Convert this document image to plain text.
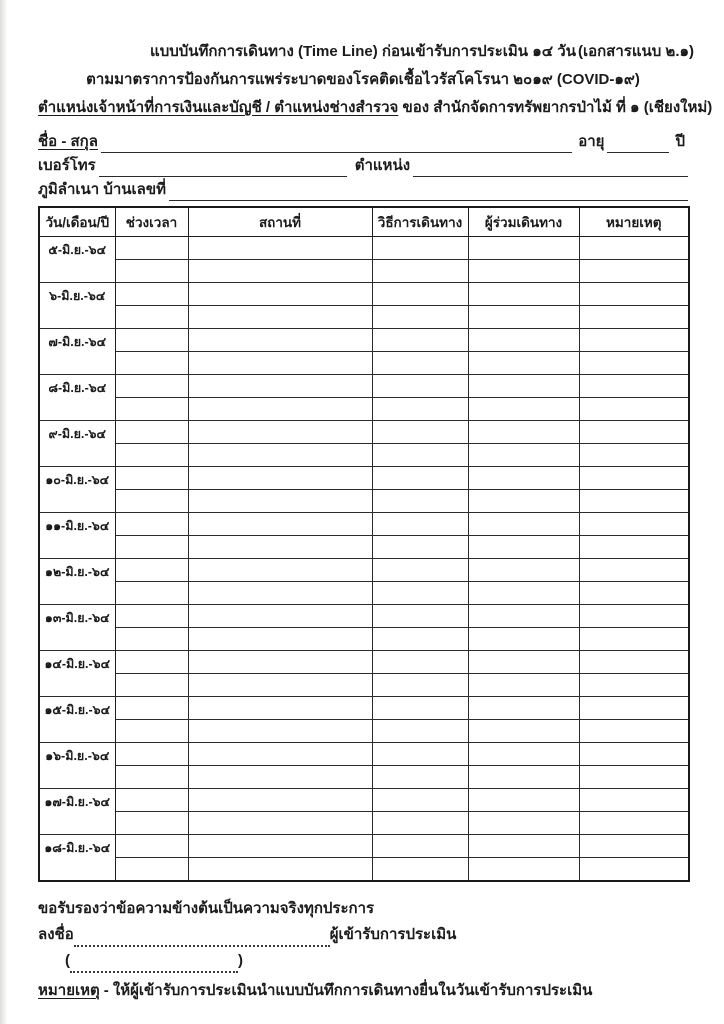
แบบบันทึกการเดินทาง (Time Line) ก่อนเข้ารับการประเมิน ๑๔ วัน (เอกสารแนบ ๒.๑)
ตามมาตราการป้องกันการแพร่ระบาดของโรคติดเชื้อไวรัสโคโรนา ๒๐๑๙ (COVID-๑๙)
ตำแหน่งเจ้าหน้าที่การเงินและบัญชี / ตำแหน่งช่างสำรวจ ของ สำนักจัดการทรัพยากรป่าไม้ ที่ ๑ (เชียงใหม่)
ชื่อ - สกุล	อายุ	ปี
เบอร์โทร	ตำแหน่ง
ภูมิลำเนา บ้านเลขที่
วัน/เดือน/ปี	ช่วงเวลา	สถานที่	วิธีการเดินทาง	ผู้ร่วมเดินทาง	หมายเหตุ
๕-มิ.ย.-๖๔					

๖-มิ.ย.-๖๔					

๗-มิ.ย.-๖๔					

๘-มิ.ย.-๖๔					

๙-มิ.ย.-๖๔					

๑๐-มิ.ย.-๖๔					

๑๑-มิ.ย.-๖๔					

๑๒-มิ.ย.-๖๔					

๑๓-มิ.ย.-๖๔					

๑๔-มิ.ย.-๖๔					

๑๕-มิ.ย.-๖๔					

๑๖-มิ.ย.-๖๔					

๑๗-มิ.ย.-๖๔					

๑๘-มิ.ย.-๖๔					

ขอรับรองว่าข้อความข้างต้นเป็นความจริงทุกประการ
ลงชื่อ	ผู้เข้ารับการประเมิน
(	)
หมายเหตุ - ให้ผู้เข้ารับการประเมินนำแบบบันทึกการเดินทางยื่นในวันเข้ารับการประเมิน
